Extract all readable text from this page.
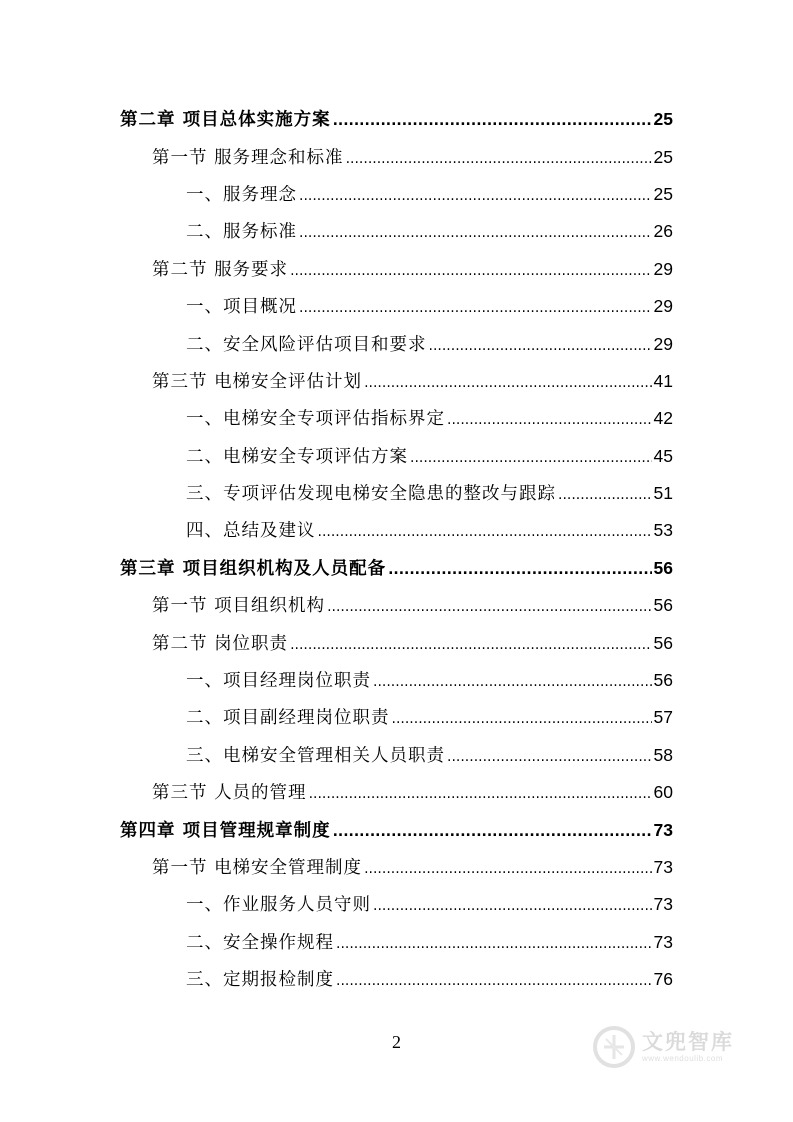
第二章 项目总体实施方案 .....	25
第一节 服务理念和标准 .....	25
一、服务理念 .....	25
二、服务标准 .....	26
第二节 服务要求 .....	29
一、项目概况 .....	29
二、安全风险评估项目和要求 .....	29
第三节 电梯安全评估计划 .....	41
一、电梯安全专项评估指标界定 .....	42
二、电梯安全专项评估方案 .....	45
三、专项评估发现电梯安全隐患的整改与跟踪 .....	51
四、总结及建议 .....	53
第三章 项目组织机构及人员配备 .....	56
第一节 项目组织机构 .....	56
第二节 岗位职责 .....	56
一、项目经理岗位职责 .....	56
二、项目副经理岗位职责 .....	57
三、电梯安全管理相关人员职责 .....	58
第三节 人员的管理 .....	60
第四章 项目管理规章制度 .....	73
第一节 电梯安全管理制度 .....	73
一、作业服务人员守则 .....	73
二、安全操作规程 .....	73
三、定期报检制度 .....	76
2	文兜智库
www.wendoulib.com
